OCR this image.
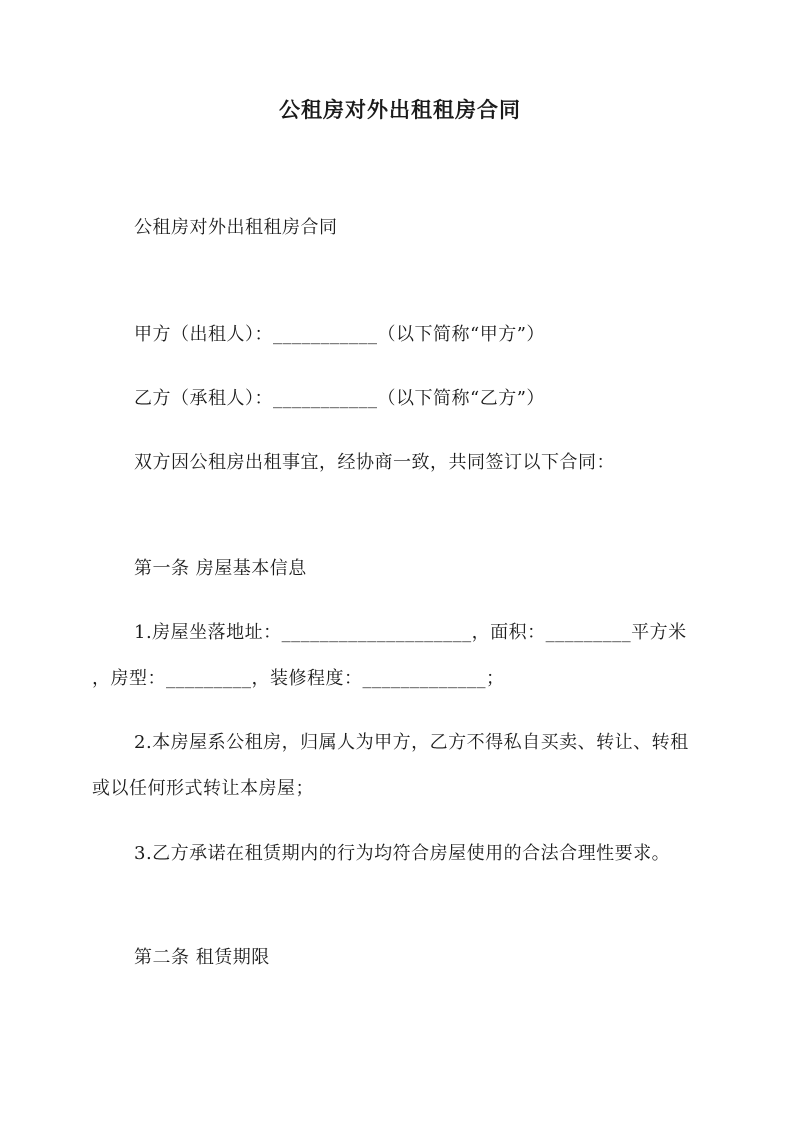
公租房对外出租租房合同
公租房对外出租租房合同
甲方（出租人）：___________（以下简称“甲方”）
乙方（承租人）：___________（以下简称“乙方”）
双方因公租房出租事宜，经协商一致，共同签订以下合同：
第一条 房屋基本信息
1.房屋坐落地址：____________________，面积：_________平方米
，房型：_________，装修程度：_____________；
2.本房屋系公租房，归属人为甲方，乙方不得私自买卖、转让、转租
或以任何形式转让本房屋；
3.乙方承诺在租赁期内的行为均符合房屋使用的合法合理性要求。
第二条 租赁期限
